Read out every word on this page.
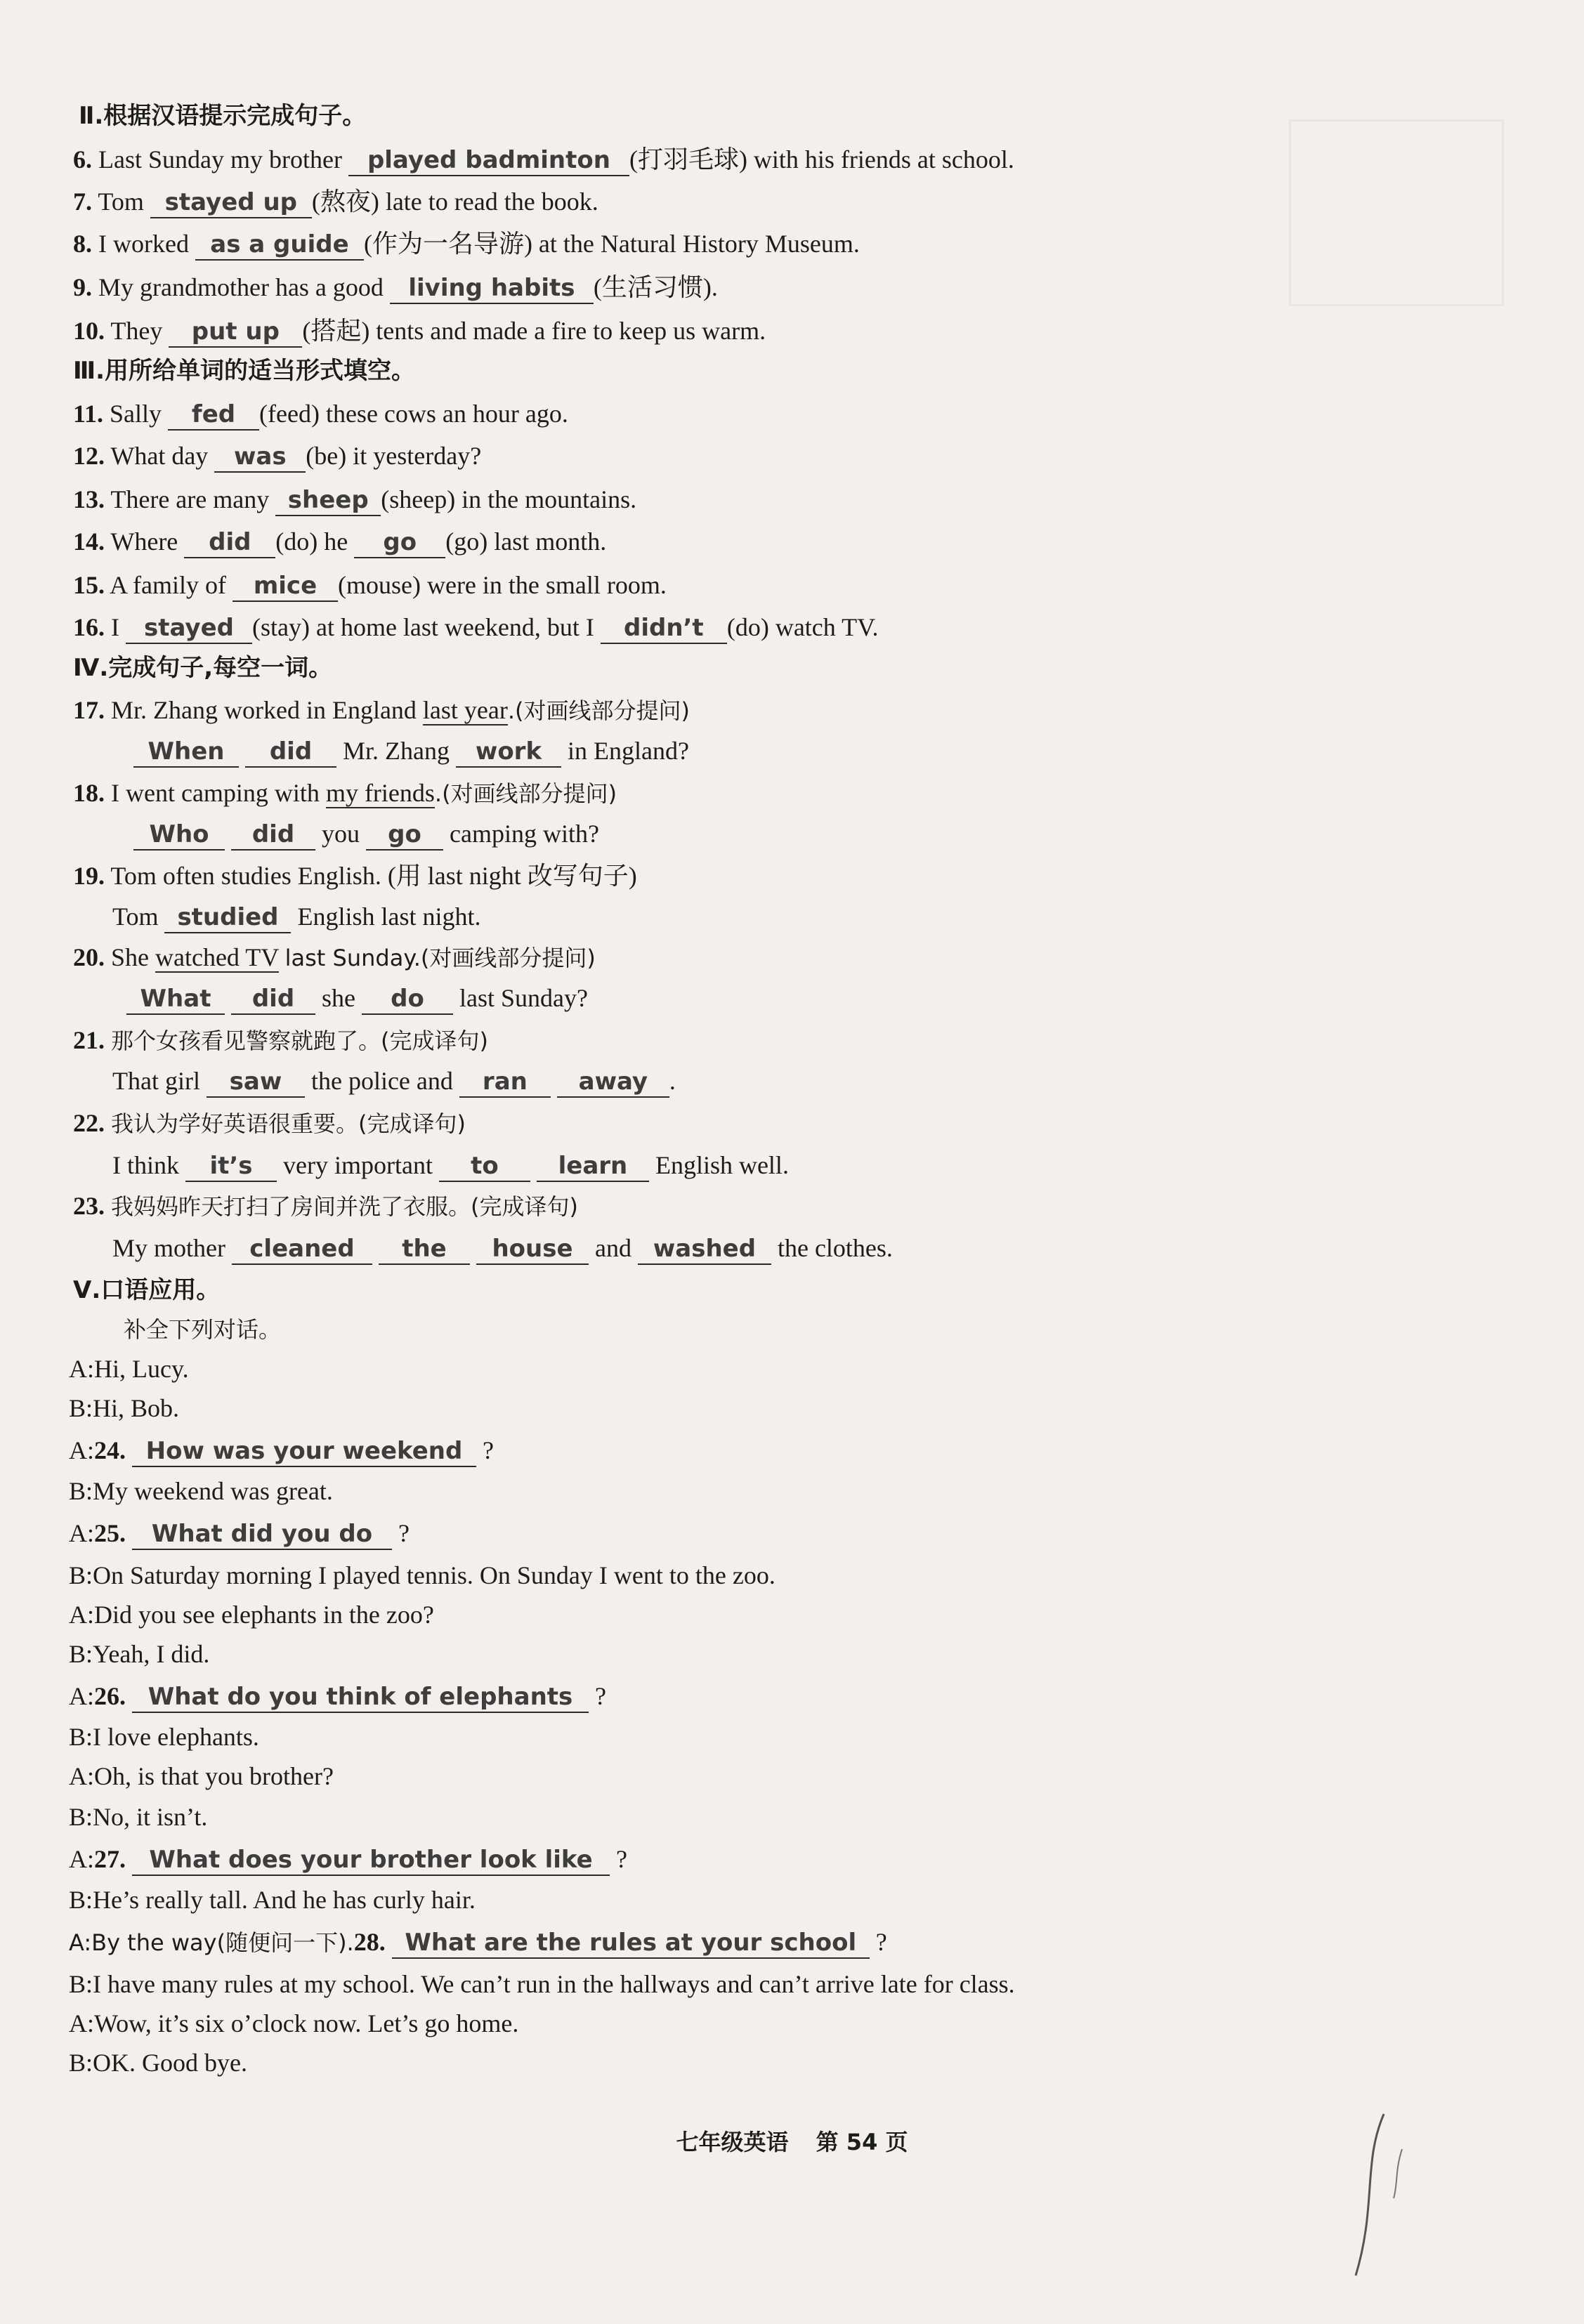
Ⅱ.根据汉语提示完成句子。
6. Last Sunday my brother played badminton (打羽毛球) with his friends at school.
7. Tom stayed up (熬夜) late to read the book.
8. I worked as a guide (作为一名导游) at the Natural History Museum.
9. My grandmother has a good living habits (生活习惯).
10. They put up (搭起) tents and made a fire to keep us warm.
Ⅲ.用所给单词的适当形式填空。
11. Sally fed (feed) these cows an hour ago.
12. What day was (be) it yesterday?
13. There are many sheep (sheep) in the mountains.
14. Where did (do) he go (go) last month.
15. A family of mice (mouse) were in the small room.
16. I stayed (stay) at home last weekend, but I didn’t (do) watch TV.
Ⅳ.完成句子,每空一词。
17. Mr. Zhang worked in England last year.(对画线部分提问)
When did Mr. Zhang work in England?
18. I went camping with my friends.(对画线部分提问)
Who did you go camping with?
19. Tom often studies English. (用 last night 改写句子)
Tom studied English last night.
20. She watched TV last Sunday.(对画线部分提问)
What did she do last Sunday?
21. 那个女孩看见警察就跑了。(完成译句)
That girl saw the police and ran away .
22. 我认为学好英语很重要。(完成译句)
I think it’s very important to learn English well.
23. 我妈妈昨天打扫了房间并洗了衣服。(完成译句)
My mother cleaned the house and washed the clothes.
Ⅴ.口语应用。
补全下列对话。
A:Hi, Lucy.
B:Hi, Bob.
A:24. How was your weekend ?
B:My weekend was great.
A:25. What did you do ?
B:On Saturday morning I played tennis. On Sunday I went to the zoo.
A:Did you see elephants in the zoo?
B:Yeah, I did.
A:26. What do you think of elephants ?
B:I love elephants.
A:Oh, is that you brother?
B:No, it isn’t.
A:27. What does your brother look like ?
B:He’s really tall. And he has curly hair.
A:By the way(随便问一下).28. What are the rules at your school ?
B:I have many rules at my school. We can’t run in the hallways and can’t arrive late for class.
A:Wow, it’s six o’clock now. Let’s go home.
B:OK. Good bye.
七年级英语 第 54 页
